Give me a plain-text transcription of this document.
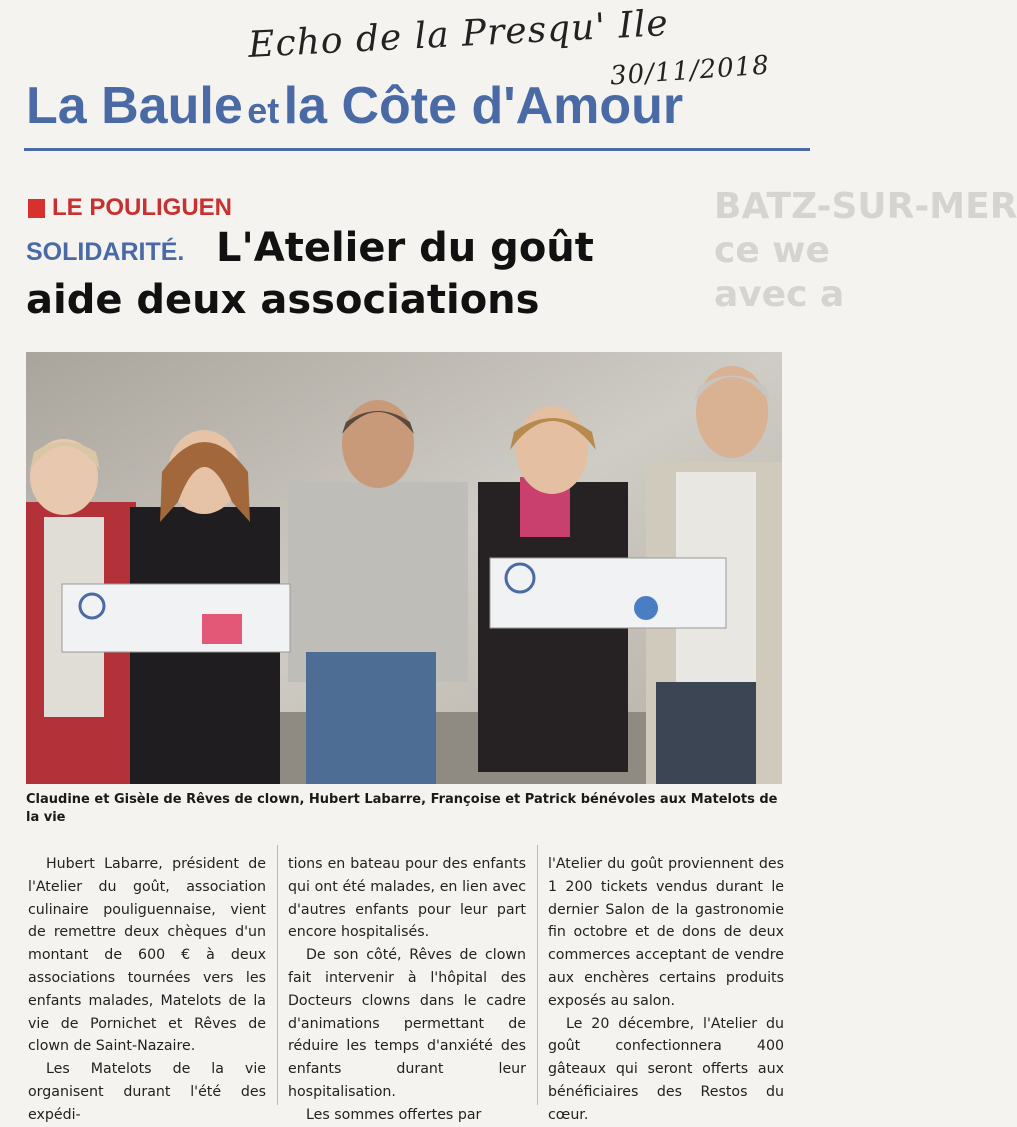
Echo de la Presqu' Ile
30/11/2018
La Baule et la Côte d'Amour
BATZ-SUR-MER
ce we
avec a
LE POULIGUEN
SOLIDARITÉ. L'Atelier du goût
aide deux associations
Claudine et Gisèle de Rêves de clown, Hubert Labarre, Françoise et Patrick bénévoles aux Matelots de la vie

Hubert Labarre, président de l'Atelier du goût, association culinaire pouliguennaise, vient de remettre deux chèques d'un montant de 600 € à deux associations tournées vers les enfants malades, Matelots de la vie de Pornichet et Rêves de clown de Saint-Nazaire.

Les Matelots de la vie organisent durant l'été des expédi-

tions en bateau pour des enfants qui ont été malades, en lien avec d'autres enfants pour leur part encore hospitalisés.

De son côté, Rêves de clown fait intervenir à l'hôpital des Docteurs clowns dans le cadre d'animations permettant de réduire les temps d'anxiété des enfants durant leur hospitalisation.

Les sommes offertes par

l'Atelier du goût proviennent des 1 200 tickets vendus durant le dernier Salon de la gastronomie fin octobre et de dons de deux commerces acceptant de vendre aux enchères certains produits exposés au salon.

Le 20 décembre, l'Atelier du goût confectionnera 400 gâteaux qui seront offerts aux bénéficiaires des Restos du cœur.
